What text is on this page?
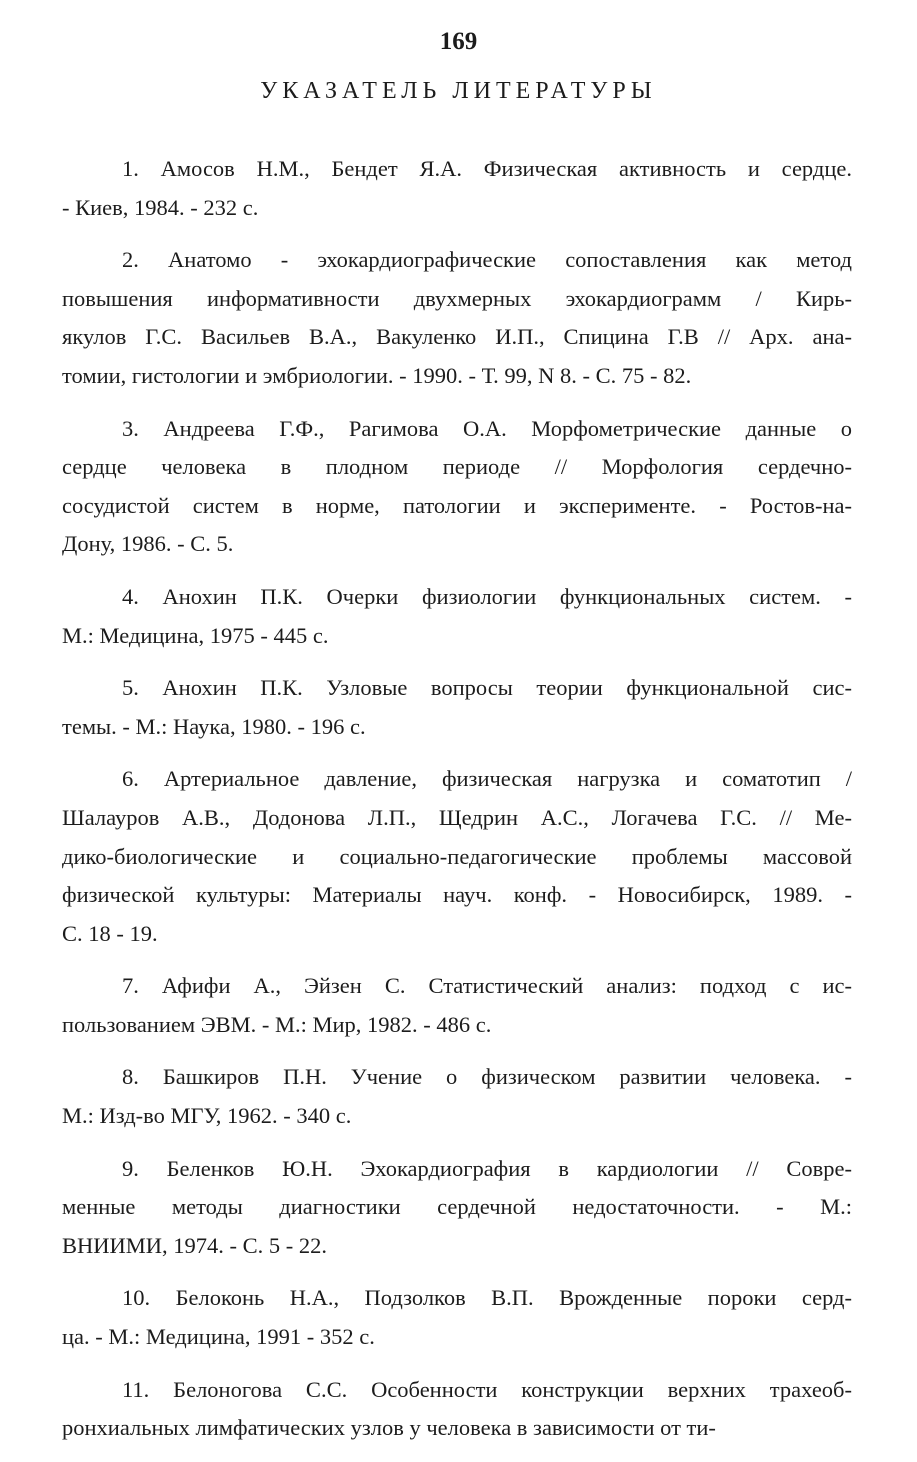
169
УКАЗАТЕЛЬ ЛИТЕРАТУРЫ
1. Амосов Н.М., Бендет Я.А. Физическая активность и сердце.
- Киев, 1984. - 232 с.
2. Анатомо - эхокардиографические сопоставления как метод
повышения информативности двухмерных эхокардиограмм / Кирь-
якулов Г.С. Васильев В.А., Вакуленко И.П., Спицина Г.В // Арх. ана-
томии, гистологии и эмбриологии. - 1990. - Т. 99, N 8. - С. 75 - 82.
3. Андреева Г.Ф., Рагимова О.А. Морфометрические данные о
сердце человека в плодном периоде // Морфология сердечно-
сосудистой систем в норме, патологии и эксперименте. - Ростов-на-
Дону, 1986. - С. 5.
4. Анохин П.К. Очерки физиологии функциональных систем. -
М.: Медицина, 1975 - 445 с.
5. Анохин П.К. Узловые вопросы теории функциональной сис-
темы. - М.: Наука, 1980. - 196 с.
6. Артериальное давление, физическая нагрузка и соматотип /
Шалауров А.В., Додонова Л.П., Щедрин А.С., Логачева Г.С. // Ме-
дико-биологические и социально-педагогические проблемы массовой
физической культуры: Материалы науч. конф. - Новосибирск, 1989. -
С. 18 - 19.
7. Афифи А., Эйзен С. Статистический анализ: подход с ис-
пользованием ЭВМ. - М.: Мир, 1982. - 486 с.
8. Башкиров П.Н. Учение о физическом развитии человека. -
М.: Изд-во МГУ, 1962. - 340 с.
9. Беленков Ю.Н. Эхокардиография в кардиологии // Совре-
менные методы диагностики сердечной недостаточности. - М.:
ВНИИМИ, 1974. - С. 5 - 22.
10. Белоконь Н.А., Подзолков В.П. Врожденные пороки серд-
ца. - М.: Медицина, 1991 - 352 с.
11. Белоногова С.С. Особенности конструкции верхних трахеоб-
ронхиальных лимфатических узлов у человека в зависимости от ти-
